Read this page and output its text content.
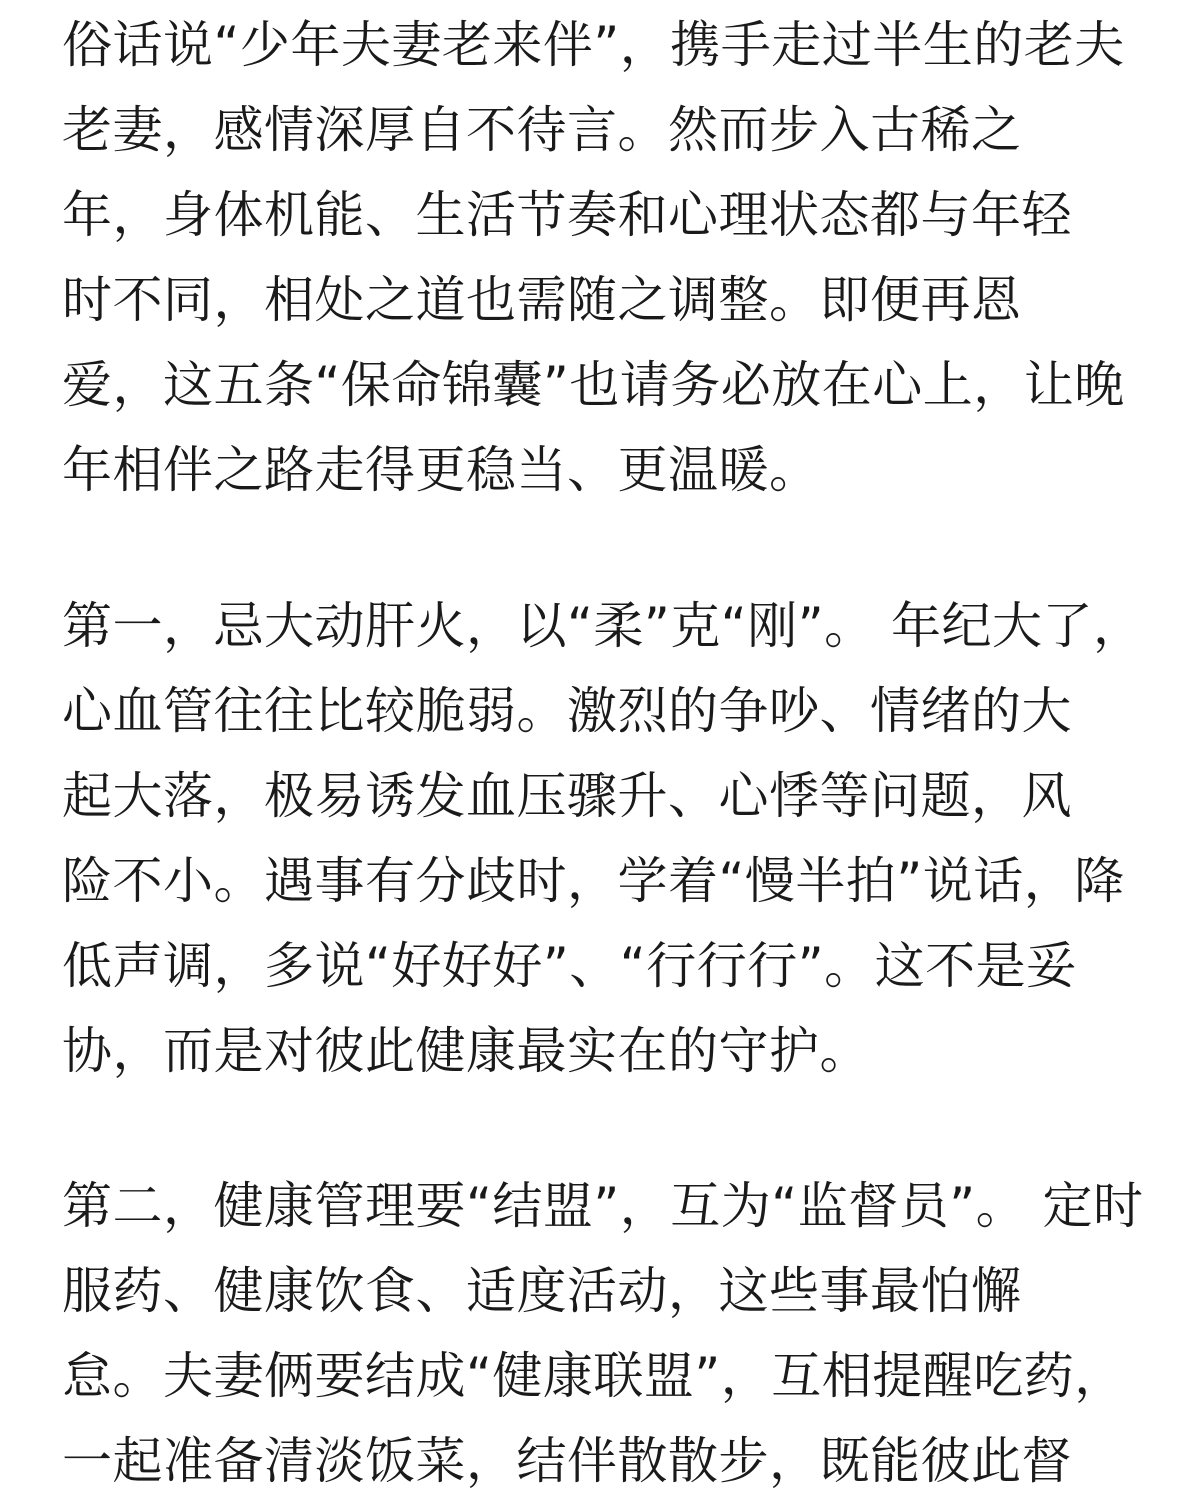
俗话说“少年夫妻老来伴”，携手走过半生的老夫
老妻，感情深厚自不待言。然而步入古稀之
年，身体机能、生活节奏和心理状态都与年轻
时不同，相处之道也需随之调整。即便再恩
爱，这五条“保命锦囊”也请务必放在心上，让晚
年相伴之路走得更稳当、更温暖。
第一，忌大动肝火，以“柔”克“刚”。 年纪大了，
心血管往往比较脆弱。激烈的争吵、情绪的大
起大落，极易诱发血压骤升、心悸等问题，风
险不小。遇事有分歧时，学着“慢半拍”说话，降
低声调，多说“好好好”、“行行行”。这不是妥
协，而是对彼此健康最实在的守护。
第二，健康管理要“结盟”，互为“监督员”。 定时
服药、健康饮食、适度活动，这些事最怕懈
怠。夫妻俩要结成“健康联盟”，互相提醒吃药，
一起准备清淡饭菜，结伴散散步，既能彼此督
